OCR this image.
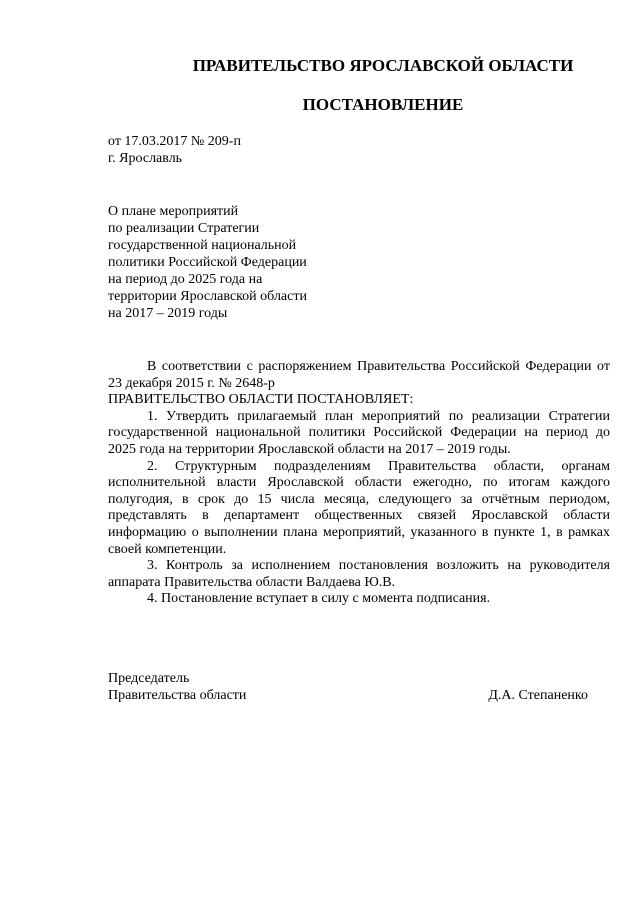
ПРАВИТЕЛЬСТВО ЯРОСЛАВСКОЙ ОБЛАСТИ
ПОСТАНОВЛЕНИЕ
от 17.03.2017 № 209-п
г. Ярославль
О плане мероприятий
по реализации Стратегии
государственной национальной
политики Российской Федерации
на период до 2025 года на
территории Ярославской области
на 2017 – 2019 годы

В соответствии с распоряжением Правительства Российской Федерации от 23 декабря 2015 г. № 2648-р

ПРАВИТЕЛЬСТВО ОБЛАСТИ ПОСТАНОВЛЯЕТ:

1. Утвердить прилагаемый план мероприятий по реализации Стратегии государственной национальной политики Российской Федерации на период до 2025 года на территории Ярославской области на 2017 – 2019 годы.

2. Структурным подразделениям Правительства области, органам исполнительной власти Ярославской области ежегодно, по итогам каждого полугодия, в срок до 15 числа месяца, следующего за отчётным периодом, представлять в департамент общественных связей Ярославской области информацию о выполнении плана мероприятий, указанного в пункте 1, в рамках своей компетенции.

3. Контроль за исполнением постановления возложить на руководителя аппарата Правительства области Валдаева Ю.В.

4. Постановление вступает в силу с момента подписания.

Председатель
Правительства области	Д.А. Степаненко
